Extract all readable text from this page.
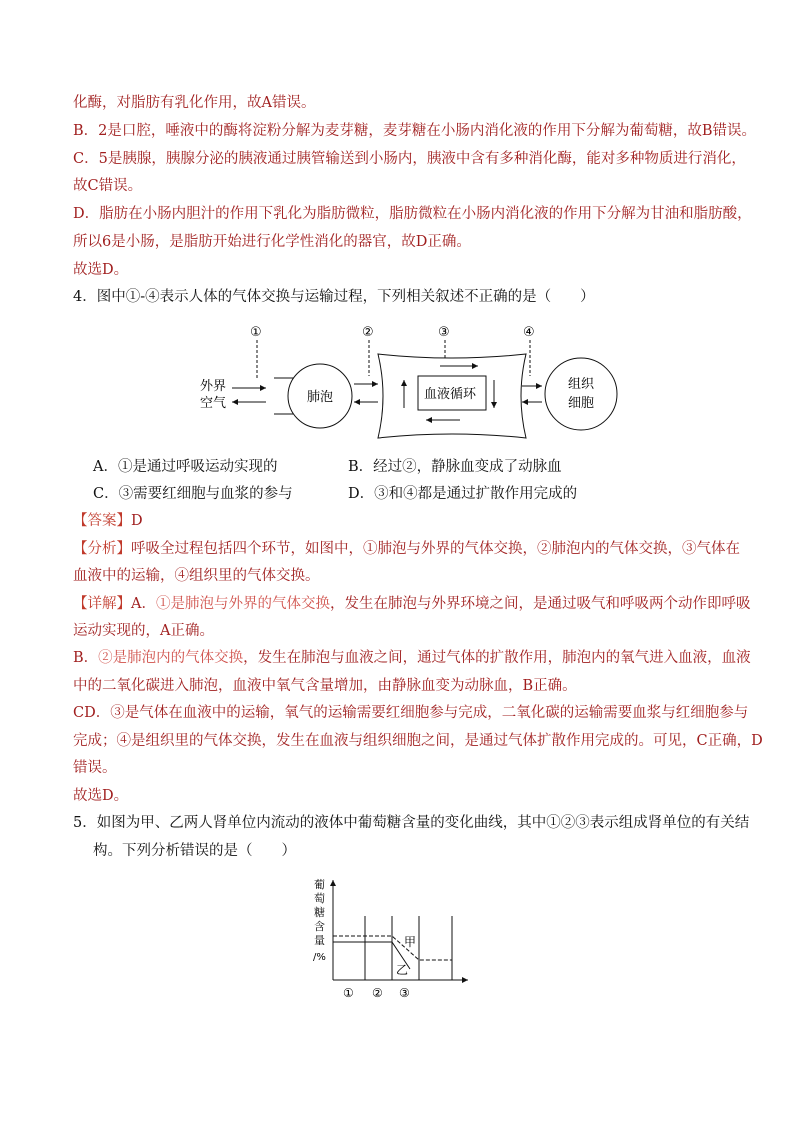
化酶，对脂肪有乳化作用，故A错误。
B．2是口腔，唾液中的酶将淀粉分解为麦芽糖，麦芽糖在小肠内消化液的作用下分解为葡萄糖，故B错误。
C．5是胰腺，胰腺分泌的胰液通过胰管输送到小肠内，胰液中含有多种消化酶，能对多种物质进行消化，
故C错误。
D．脂肪在小肠内胆汁的作用下乳化为脂肪微粒，脂肪微粒在小肠内消化液的作用下分解为甘油和脂肪酸，
所以6是小肠，是脂肪开始进行化学性消化的器官，故D正确。
故选D。
4．图中①-④表示人体的气体交换与运输过程，下列相关叙述不正确的是（　　）
①	②	③	④
外界
空气	肺泡	血液循环
组织
细胞
A．①是通过呼吸运动实现的	B．经过②，静脉血变成了动脉血
C．③需要红细胞与血浆的参与	D．③和④都是通过扩散作用完成的
【答案】D
【分析】呼吸全过程包括四个环节，如图中，①肺泡与外界的气体交换，②肺泡内的气体交换，③气体在
血液中的运输，④组织里的气体交换。
【详解】A．①是肺泡与外界的气体交换，发生在肺泡与外界环境之间，是通过吸气和呼吸两个动作即呼吸
运动实现的，A正确。
B．②是肺泡内的气体交换，发生在肺泡与血液之间，通过气体的扩散作用，肺泡内的氧气进入血液，血液
中的二氧化碳进入肺泡，血液中氧气含量增加，由静脉血变为动脉血，B正确。
CD．③是气体在血液中的运输，氧气的运输需要红细胞参与完成，二氧化碳的运输需要血浆与红细胞参与
完成；④是组织里的气体交换，发生在血液与组织细胞之间，是通过气体扩散作用完成的。可见，C正确，D
错误。
故选D。
5．如图为甲、乙两人肾单位内流动的液体中葡萄糖含量的变化曲线，其中①②③表示组成肾单位的有关结
构。下列分析错误的是（　　）
葡
萄
糖
含
量
/%
甲
乙
① ② ③
